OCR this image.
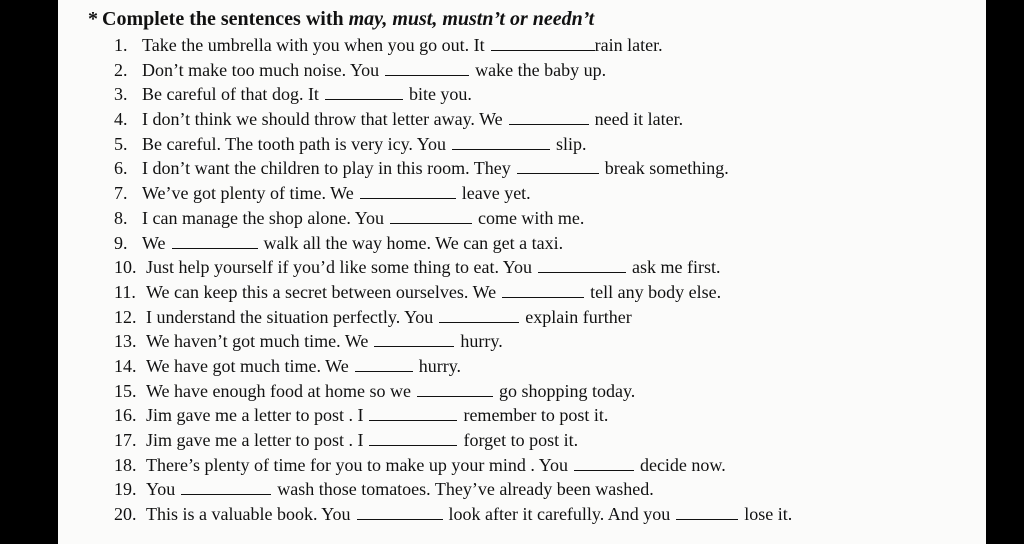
* Complete the sentences with may, must, mustn’t or needn’t
1. Take the umbrella with you when you go out. It	rain later.
2. Don’t make too much noise. You	wake the baby up.
3. Be careful of that dog. It	bite you.
4. I don’t think we should throw that letter away. We	need it later.
5. Be careful. The tooth path is very icy. You	slip.
6. I don’t want the children to play in this room. They	break something.
7. We’ve got plenty of time. We	leave yet.
8. I can manage the shop alone. You	come with me.
9. We	walk all the way home. We can get a taxi.
10. Just help yourself if you’d like some thing to eat. You	ask me first.
11. We can keep this a secret between ourselves. We	tell any body else.
12. I understand the situation perfectly. You	explain further
13. We haven’t got much time. We	hurry.
14. We have got much time. We	hurry.
15. We have enough food at home so we	go shopping today.
16. Jim gave me a letter to post . I	remember to post it.
17. Jim gave me a letter to post . I	forget to post it.
18. There’s plenty of time for you to make up your mind . You	decide now.
19. You	wash those tomatoes. They’ve already been washed.
20. This is a valuable book. You	look after it carefully. And you	lose it.
